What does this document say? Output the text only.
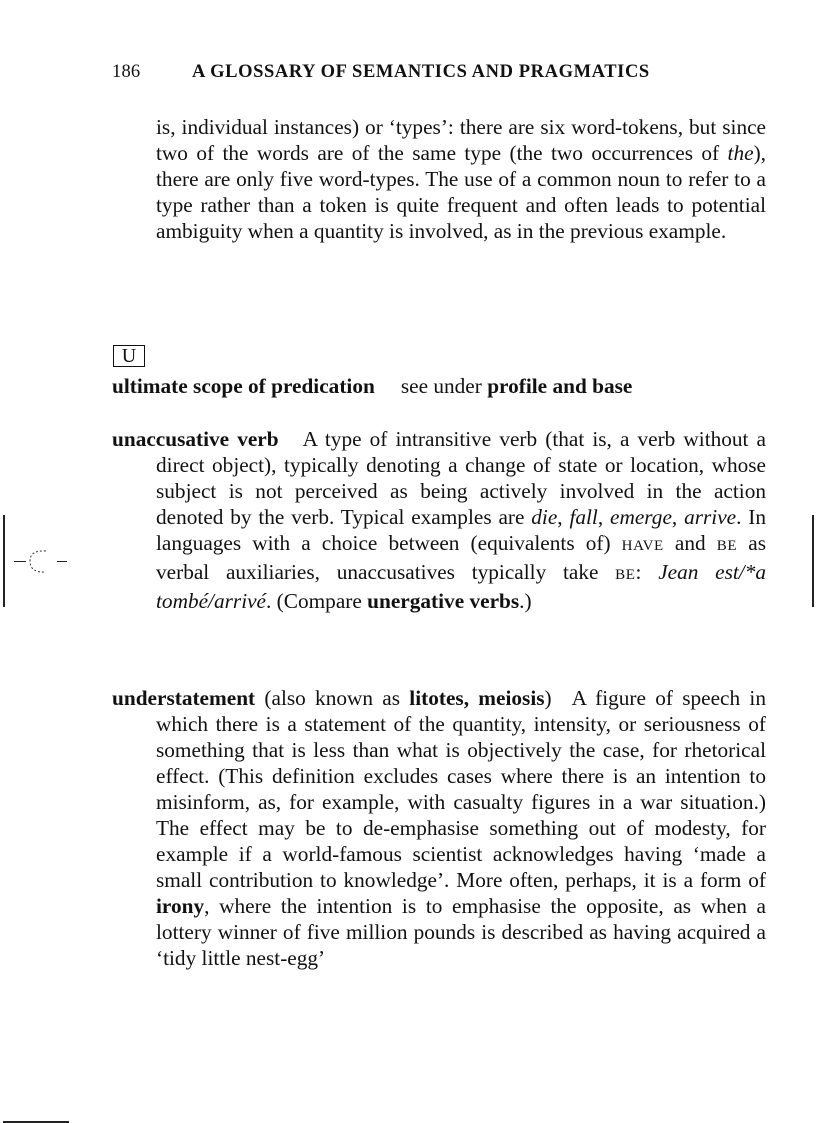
186	A GLOSSARY OF SEMANTICS AND PRAGMATICS
is, individual instances) or ‘types’: there are six word-tokens, but since two of the words are of the same type (the two occurrences of the), there are only five word-types. The use of a common noun to refer to a type rather than a token is quite frequent and often leads to potential ambiguity when a quantity is involved, as in the previous example.
U
ultimate scope of predication see under profile and base
unaccusative verb A type of intransitive verb (that is, a verb without a direct object), typically denoting a change of state or location, whose subject is not perceived as being actively involved in the action denoted by the verb. Typical examples are die, fall, emerge, arrive. In languages with a choice between (equivalents of) HAVE and BE as verbal auxiliaries, unaccusatives typically take BE: Jean est/*a tombé/arrivé. (Compare unergative verbs.)
understatement (also known as litotes, meiosis) A figure of speech in which there is a statement of the quantity, intensity, or seriousness of something that is less than what is objectively the case, for rhetorical effect. (This definition excludes cases where there is an intention to misinform, as, for example, with casualty figures in a war situation.) The effect may be to de-emphasise something out of modesty, for example if a world-famous scientist acknowledges having ‘made a small contribution to knowledge’. More often, perhaps, it is a form of irony, where the intention is to emphasise the opposite, as when a lottery winner of five million pounds is described as having acquired a ‘tidy little nest-egg’
